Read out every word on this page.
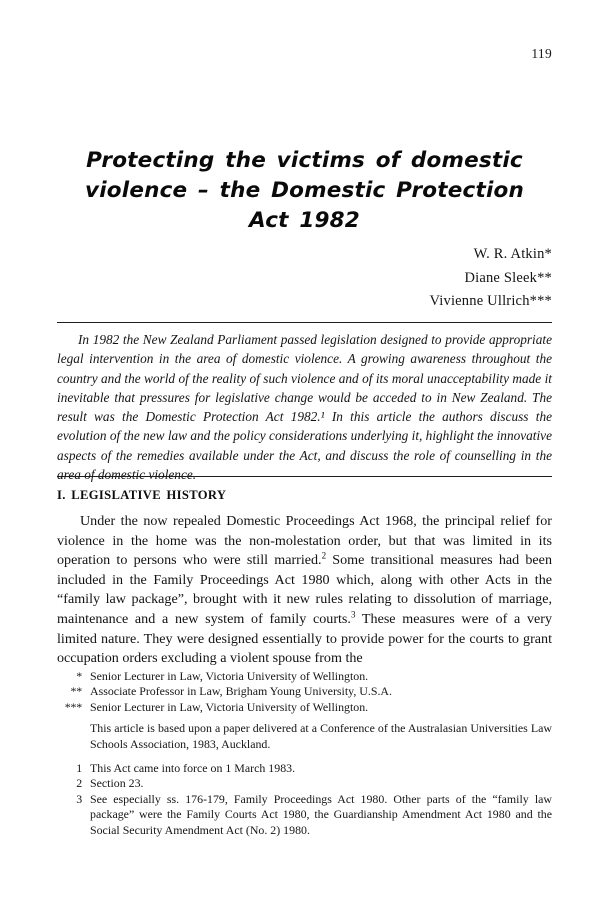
119
Protecting the victims of domestic
violence – the Domestic Protection
Act 1982
W. R. Atkin*
Diane Sleek**
Vivienne Ullrich***

In 1982 the New Zealand Parliament passed legislation designed to provide appropriate legal intervention in the area of domestic violence. A growing awareness throughout the country and the world of the reality of such violence and of its moral unacceptability made it inevitable that pressures for legislative change would be acceded to in New Zealand. The result was the Domestic Protection Act 1982.¹ In this article the authors discuss the evolution of the new law and the policy considerations underlying it, highlight the innovative aspects of the remedies available under the Act, and discuss the role of counselling in the area of domestic violence.

I. LEGISLATIVE HISTORY

Under the now repealed Domestic Proceedings Act 1968, the principal relief for violence in the home was the non-molestation order, but that was limited in its operation to persons who were still married.$^2$ Some transitional measures had been included in the Family Proceedings Act 1980 which, along with other Acts in the “family law package”, brought with it new rules relating to dissolution of marriage, maintenance and a new system of family courts.$^3$ These measures were of a very limited nature. They were designed essentially to provide power for the courts to grant occupation orders excluding a violent spouse from the

* Senior Lecturer in Law, Victoria University of Wellington.
** Associate Professor in Law, Brigham Young University, U.S.A.
*** Senior Lecturer in Law, Victoria University of Wellington.
This article is based upon a paper delivered at a Conference of the Australasian Universities Law Schools Association, 1983, Auckland.
1 This Act came into force on 1 March 1983.
2 Section 23.
3 See especially ss. 176-179, Family Proceedings Act 1980. Other parts of the “family law package” were the Family Courts Act 1980, the Guardianship Amendment Act 1980 and the Social Security Amendment Act (No. 2) 1980.
